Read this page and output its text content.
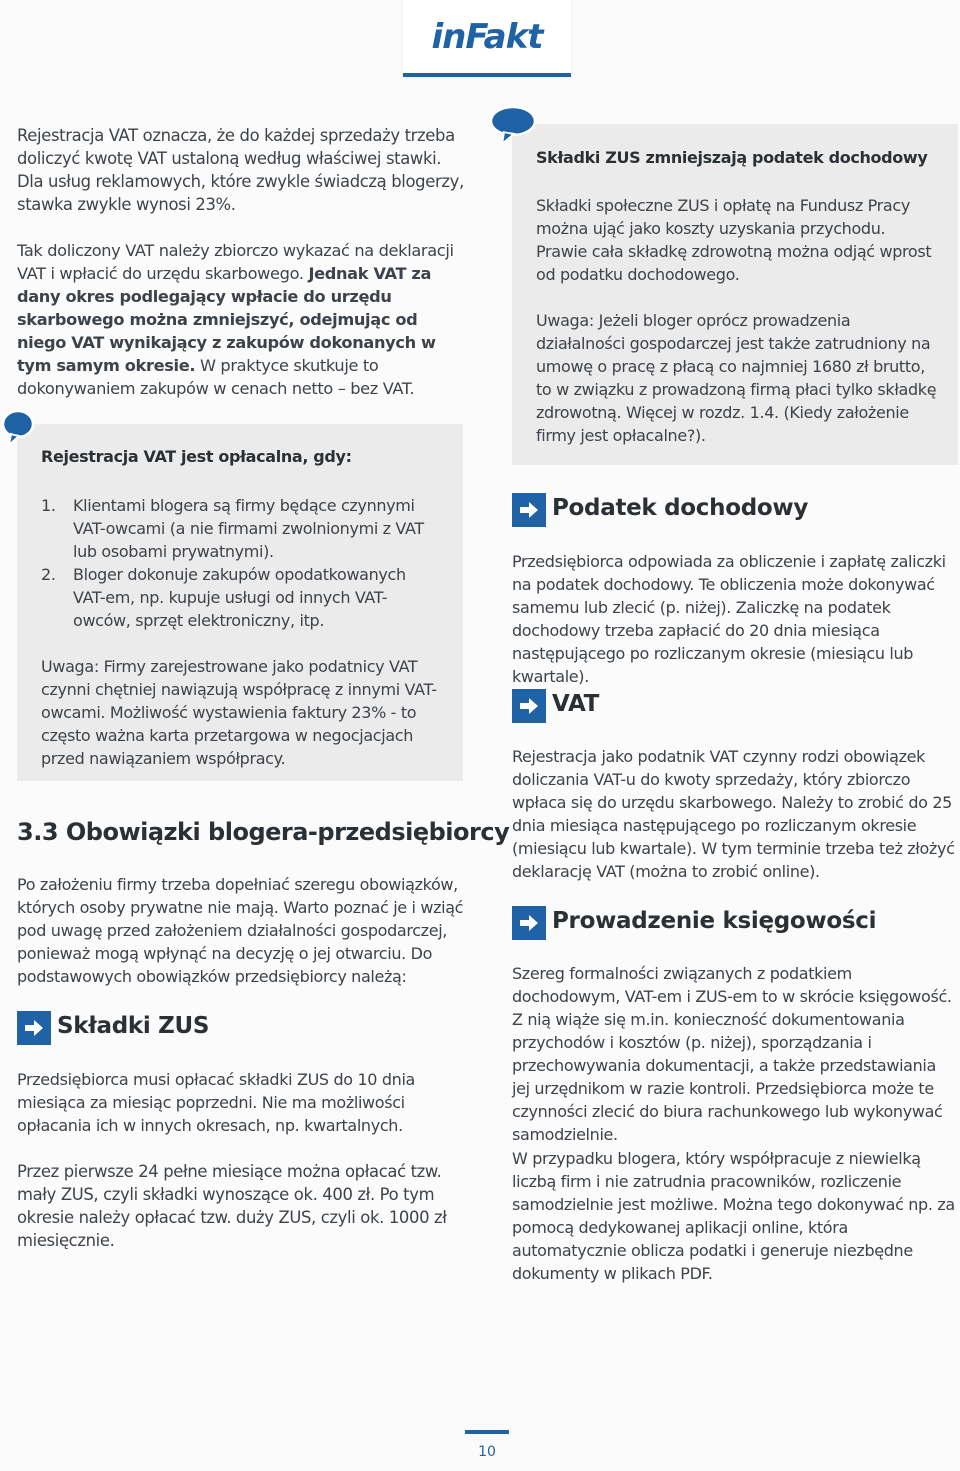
inFakt

Rejestracja VAT oznacza, że do każdej sprzedaży trzeba doliczyć kwotę VAT ustaloną według właściwej stawki. Dla usług reklamowych, które zwykle świadczą blogerzy, stawka zwykle wynosi 23%.

Tak doliczony VAT należy zbiorczo wykazać na deklaracji VAT i wpłacić do urzędu skarbowego. Jednak VAT za dany okres podlegający wpłacie do urzędu skarbowego można zmniejszyć, odejmując od niego VAT wynikający z zakupów dokonanych w tym samym okresie. W praktyce skutkuje to dokonywaniem zakupów w cenach netto – bez VAT.

Rejestracja VAT jest opłacalna, gdy:
1. Klientami blogera są firmy będące czynnymi VAT-owcami (a nie firmami zwolnionymi z VAT lub osobami prywatnymi).
2. Bloger dokonuje zakupów opodatkowanych VAT-em, np. kupuje usługi od innych VAT-owców, sprzęt elektroniczny, itp.

Uwaga: Firmy zarejestrowane jako podatnicy VAT czynni chętniej nawiązują współpracę z innymi VAT-owcami. Możliwość wystawienia faktury 23% - to często ważna karta przetargowa w negocjacjach przed nawiązaniem współpracy.

3.3 Obowiązki blogera-przedsiębiorcy

Po założeniu firmy trzeba dopełniać szeregu obowiązków, których osoby prywatne nie mają. Warto poznać je i wziąć pod uwagę przed założeniem działalności gospodarczej, ponieważ mogą wpłynąć na decyzję o jej otwarciu. Do podstawowych obowiązków przedsiębiorcy należą:

Składki ZUS

Przedsiębiorca musi opłacać składki ZUS do 10 dnia miesiąca za miesiąc poprzedni. Nie ma możliwości opłacania ich w innych okresach, np. kwartalnych.

Przez pierwsze 24 pełne miesiące można opłacać tzw. mały ZUS, czyli składki wynoszące ok. 400 zł. Po tym okresie należy opłacać tzw. duży ZUS, czyli ok. 1000 zł miesięcznie.

Składki ZUS zmniejszają podatek dochodowy

Składki społeczne ZUS i opłatę na Fundusz Pracy można ująć jako koszty uzyskania przychodu. Prawie cała składkę zdrowotną można odjąć wprost od podatku dochodowego.

Uwaga: Jeżeli bloger oprócz prowadzenia działalności gospodarczej jest także zatrudniony na umowę o pracę z płacą co najmniej 1680 zł brutto, to w związku z prowadzoną firmą płaci tylko składkę zdrowotną. Więcej w rozdz. 1.4. (Kiedy założenie firmy jest opłacalne?).

Podatek dochodowy

Przedsiębiorca odpowiada za obliczenie i zapłatę zaliczki na podatek dochodowy. Te obliczenia może dokonywać samemu lub zlecić (p. niżej). Zaliczkę na podatek dochodowy trzeba zapłacić do 20 dnia miesiąca następującego po rozliczanym okresie (miesiącu lub kwartale).

VAT

Rejestracja jako podatnik VAT czynny rodzi obowiązek doliczania VAT-u do kwoty sprzedaży, który zbiorczo wpłaca się do urzędu skarbowego. Należy to zrobić do 25 dnia miesiąca następującego po rozliczanym okresie (miesiącu lub kwartale). W tym terminie trzeba też złożyć deklarację VAT (można to zrobić online).

Prowadzenie księgowości

Szereg formalności związanych z podatkiem dochodowym, VAT-em i ZUS-em to w skrócie księgowość. Z nią wiąże się m.in. konieczność dokumentowania przychodów i kosztów (p. niżej), sporządzania i przechowywania dokumentacji, a także przedstawiania jej urzędnikom w razie kontroli. Przedsiębiorca może te czynności zlecić do biura rachunkowego lub wykonywać samodzielnie.

W przypadku blogera, który współpracuje z niewielką liczbą firm i nie zatrudnia pracowników, rozliczenie samodzielnie jest możliwe. Można tego dokonywać np. za pomocą dedykowanej aplikacji online, która automatycznie oblicza podatki i generuje niezbędne dokumenty w plikach PDF.

10
